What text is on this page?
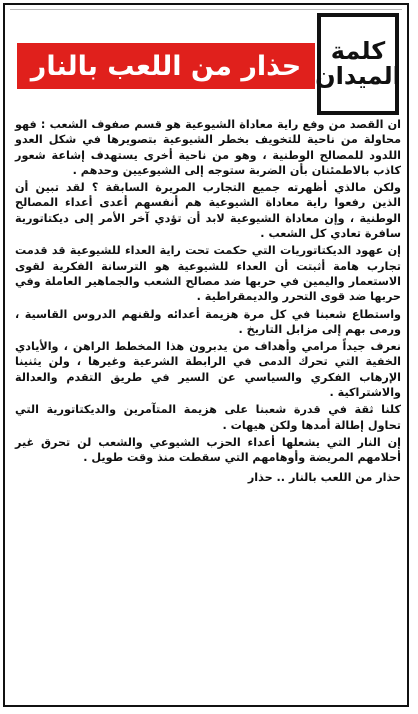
كلمة
الميدان
حذار من اللعب بالنار

ان القصد من وفع راية معاداة الشيوعية هو قسم صفوف الشعب : فهو محاولة من ناحية للتخويف بخطر الشيوعية بتصويرها في شكل العدو اللدود للمصالح الوطنية ، وهو من ناحية أخرى يستهدف إشاعة شعور كاذب بالاطمئنان بأن الضربة ستوجه إلى الشيوعيين وحدهم .

ولكن مالذي أظهرته جميع التجارب المريرة السابقة ؟ لقد تبين أن الذين رفعوا راية معاداة الشيوعية هم أنفسهم أعدى أعداء المصالح الوطنية ، وإن معاداة الشيوعية لابد أن تؤدي آخر الأمر إلى ديكتاتورية سافرة تعادي كل الشعب .

إن عهود الديكتاتوريات التي حكمت تحت راية العداء للشيوعية قد قدمت تجارب هامة أثبتت أن العداء للشيوعية هو الترسانة الفكرية لقوى الاستعمار واليمين في حربها ضد مصالح الشعب والجماهير العاملة وفي حربها ضد قوى التحرر والديمقراطية .

واستطاع شعبنا في كل مرة هزيمة أعدائه ولقنهم الدروس القاسية ، ورمى بهم إلى مزابل التاريخ .

نعرف جيداً مرامي وأهداف من يدبرون هذا المخطط الراهن ، والأيادي الخفية التي تحرك الدمى في الرابطة الشرعية وغيرها ، ولن يثنينا الإرهاب الفكري والسياسي عن السير في طريق التقدم والعدالة والاشتراكية .

كلنا ثقة في قدرة شعبنا على هزيمة المتآمرين والديكتاتورية التي تحاول إطالة أمدها ولكن هيهات .

إن النار التي يشعلها أعداء الحزب الشيوعي والشعب لن تحرق غير أحلامهم المريضة وأوهامهم التي سقطت منذ وقت طويل .

حذار من اللعب بالنار .. حذار
